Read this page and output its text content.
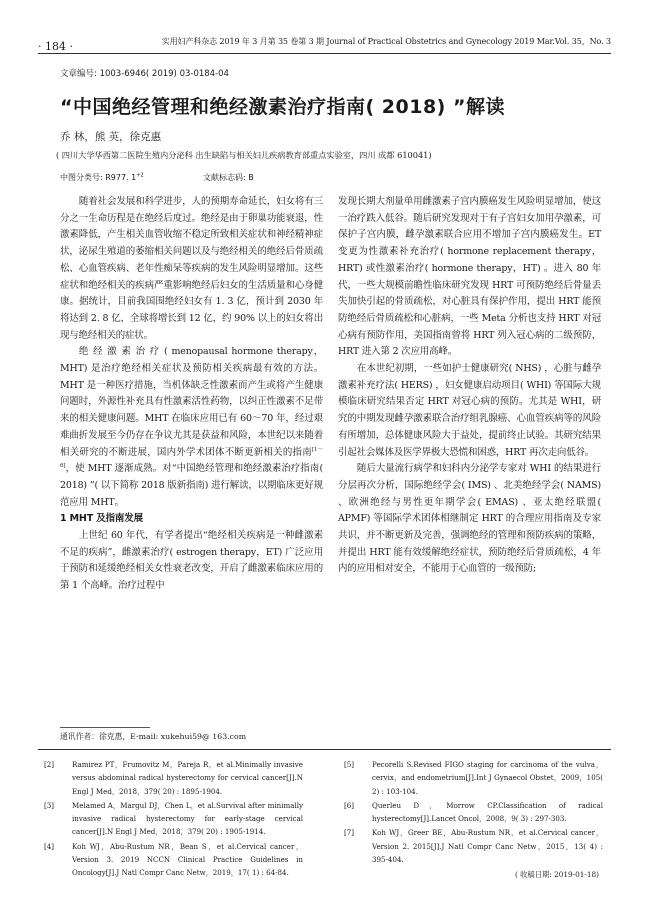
· 184 ·	实用妇产科杂志 2019 年 3 月第 35 卷第 3 期 Journal of Practical Obstetrics and Gynecology 2019 Mar.Vol. 35，No. 3
文章编号: 1003-6946( 2019) 03-0184-04
“中国绝经管理和绝经激素治疗指南( 2018) ”解读
乔 林，熊 英，徐克惠
( 四川大学华西第二医院生殖内分泌科 出生缺陷与相关妇儿疾病教育部重点实验室，四川 成都 610041)
中图分类号: R977. $1^{+2}$	文献标志码: B

随着社会发展和科学进步，人的预期寿命延长，妇女将有三分之一生命历程是在绝经后度过。绝经是由于卵巢功能衰退，性激素降低，产生相关血管收缩不稳定所致相关症状和神经精神症状，泌尿生殖道的萎缩相关问题以及与绝经相关的绝经后骨质疏松、心血管疾病、老年性痴呆等疾病的发生风险明显增加。这些症状和绝经相关的疾病严重影响绝经后妇女的生活质量和心身健康。据统计，目前我国围绝经妇女有 1. 3 亿，预计到 2030 年将达到 2. 8 亿，全球将增长到 12 亿，约 90% 以上的妇女将出现与绝经相关的症状。

绝 经 激 素 治 疗 ( menopausal hormone therapy，MHT) 是治疗绝经相关症状及预防相关疾病最有效的方法。MHT 是一种医疗措施，当机体缺乏性激素而产生或将产生健康问题时，外源性补充具有性激素活性药物，以纠正性激素不足带来的相关健康问题。MHT 在临床应用已有 60～70 年，经过艰难曲折发展至今仍存在争议尤其是获益和风险，本世纪以来随着相关研究的不断进展，国内外学术团体不断更新相关的指南[1～6]，使 MHT 逐渐成熟。对“中国绝经管理和绝经激素治疗指南( 2018) ”( 以下简称 2018 版新指南) 进行解读，以期临床更好规范应用 MHT。

1 MHT 及指南发展

上世纪 60 年代，有学者提出“绝经相关疾病是一种雌激素不足的疾病”，雌激素治疗( estrogen therapy，ET) 广泛应用于预防和延缓绝经相关女性衰老改变，开启了雌激素临床应用的第 1 个高峰。治疗过程中

发现长期大剂量单用雌激素子宫内膜癌发生风险明显增加，使这一治疗跌入低谷。随后研究发现对于有子宫妇女加用孕激素，可保护子宫内膜，雌孕激素联合应用不增加子宫内膜癌发生。ET 变更为性激素补充治疗( hormone replacement therapy，HRT) 或性激素治疗( hormone therapy，HT) 。进入 80 年代，一些大规模前瞻性临床研究发现 HRT 可预防绝经后骨量丢失加快引起的骨质疏松，对心脏具有保护作用，提出 HRT 能预防绝经后骨质疏松和心脏病，一些 Meta 分析也支持 HRT 对冠心病有预防作用，美国指南曾将 HRT 列入冠心病的二级预防，HRT 进入第 2 次应用高峰。

在本世纪初期，一些如护士健康研究( NHS) ，心脏与雌孕激素补充疗法( HERS) ，妇女健康启动项目( WHI) 等国际大规模临床研究结果否定 HRT 对冠心病的预防。尤其是 WHI，研究的中期发现雌孕激素联合治疗组乳腺癌、心血管疾病等的风险有所增加，总体健康风险大于益处，提前终止试验。其研究结果引起社会媒体及医学界极大恐慌和困惑，HRT 再次走向低谷。

随后大量流行病学和妇科内分泌学专家对 WHI 的结果进行分层再次分析，国际绝经学会( IMS) 、北美绝经学会( NAMS) 、欧洲绝经与男性更年期学会( EMAS) 、亚太绝经联盟( APMF) 等国际学术团体相继制定 HRT 的合理应用指南及专家共识，并不断更新及完善，强调绝经的管理和预防疾病的策略，并提出 HRT 能有效缓解绝经症状，预防绝经后骨质疏松，4 年内的应用相对安全，不能用于心血管的一级预防;

通讯作者：徐克惠，E-mail: xukehui59@ 163.com
[2]	Ramirez PT，Frumovitz M，Pareja R，et al.Minimally invasive versus abdominal radical hysterectomy for cervical cancer[J].N Engl J Med，2018，379( 20) : 1895-1904.
[3]	Melamed A，Margul DJ，Chen L，et al.Survival after minimally invasive radical hysterectomy for early-stage cervical cancer[J].N Engl J Med，2018，379( 20) : 1905-1914.
[4]	Koh WJ，Abu-Rustum NR，Bean S，et al.Cervical cancer，Version 3. 2019 NCCN Clinical Practice Guidelines in Oncology[J].J Natl Compr Canc Netw，2019，17( 1) : 64-84.
[5]	Pecorelli S.Revised FIGO staging for carcinoma of the vulva，cervix，and endometrium[J].Int J Gynaecol Obstet，2009，105( 2) : 103-104.
[6]	Querleu D，Morrow CP.Classification of radical hysterectomy[J].Lancet Oncol，2008，9( 3) : 297-303.
[7]	Koh WJ，Greer BE，Abu-Rustum NR，et al.Cervical cancer，Version 2. 2015[J].J Natl Compr Canc Netw，2015，13( 4) : 395-404.
( 收稿日期: 2019-01-18)
